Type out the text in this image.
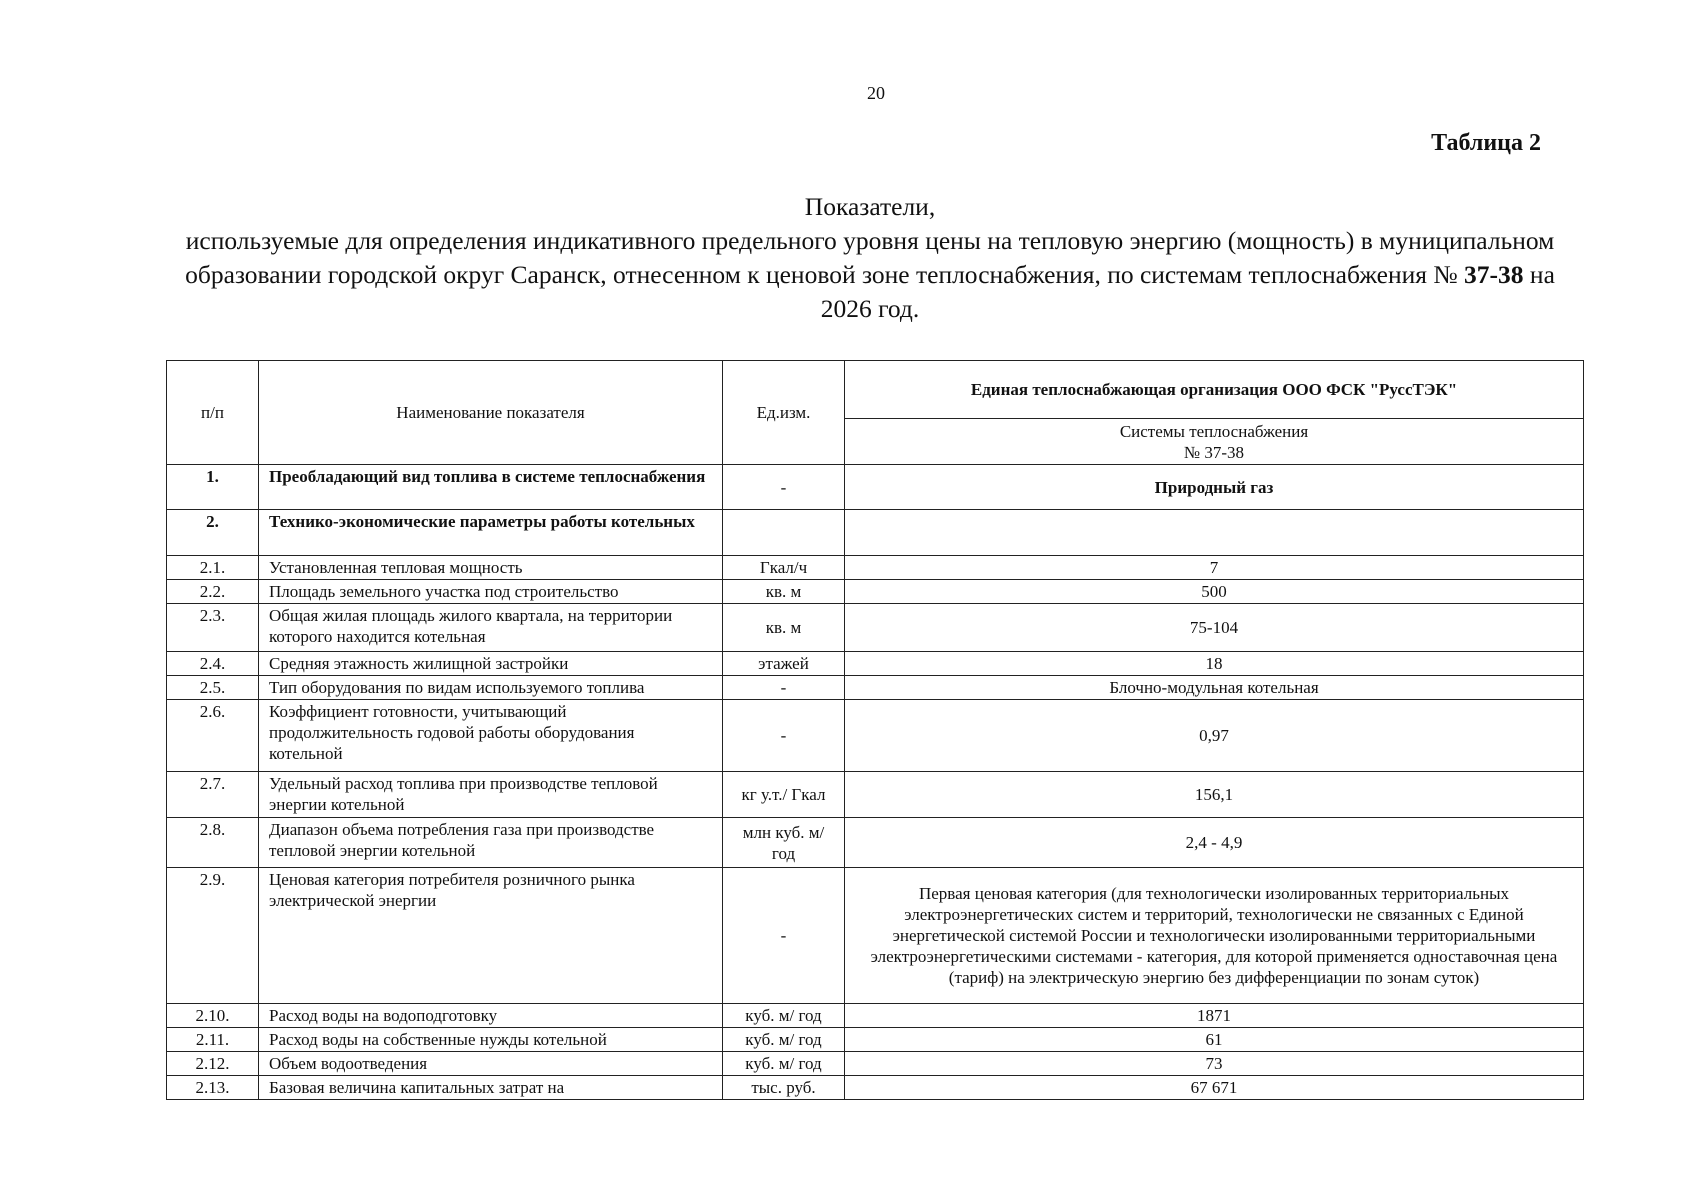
20
Таблица 2
Показатели,
используемые для определения индикативного предельного уровня цены на тепловую энергию (мощность) в муниципальном образовании городской округ Саранск, отнесенном к ценовой зоне теплоснабжения, по системам теплоснабжения № 37-38 на 2026 год.
п/п	Наименование показателя	Ед.изм.	Единая теплоснабжающая организация ООО ФСК "РуссТЭК"

			Системы теплоснабжения
№ 37-38

1.	Преобладающий вид топлива в системе теплоснабжения	-	Природный газ
2.	Технико-экономические параметры работы котельных		
2.1.	Установленная тепловая мощность	Гкал/ч	7
2.2.	Площадь земельного участка под строительство	кв. м	500
2.3.	Общая жилая площадь жилого квартала, на территории которого находится котельная	кв. м	75-104
2.4.	Средняя этажность жилищной застройки	этажей	18
2.5.	Тип оборудования по видам используемого топлива	-	Блочно-модульная котельная
2.6.	Коэффициент готовности, учитывающий продолжительность годовой работы оборудования котельной	-	0,97
2.7.	Удельный расход топлива при производстве тепловой энергии котельной	кг у.т./ Гкал	156,1
2.8.	Диапазон объема потребления газа при производстве тепловой энергии котельной	млн куб. м/год	2,4 - 4,9
2.9.	Ценовая категория потребителя розничного рынка электрической энергии	-	Первая ценовая категория (для технологически изолированных территориальных электроэнергетических систем и территорий, технологически не связанных с Единой энергетической системой России и технологически изолированными территориальными электроэнергетическими системами - категория, для которой применяется одноставочная цена (тариф) на электрическую энергию без дифференциации по зонам суток)
2.10.	Расход воды на водоподготовку	куб. м/ год	1871
2.11.	Расход воды на собственные нужды котельной	куб. м/ год	61
2.12.	Объем водоотведения	куб. м/ год	73
2.13.	Базовая величина капитальных затрат на	тыс. руб.	67 671
